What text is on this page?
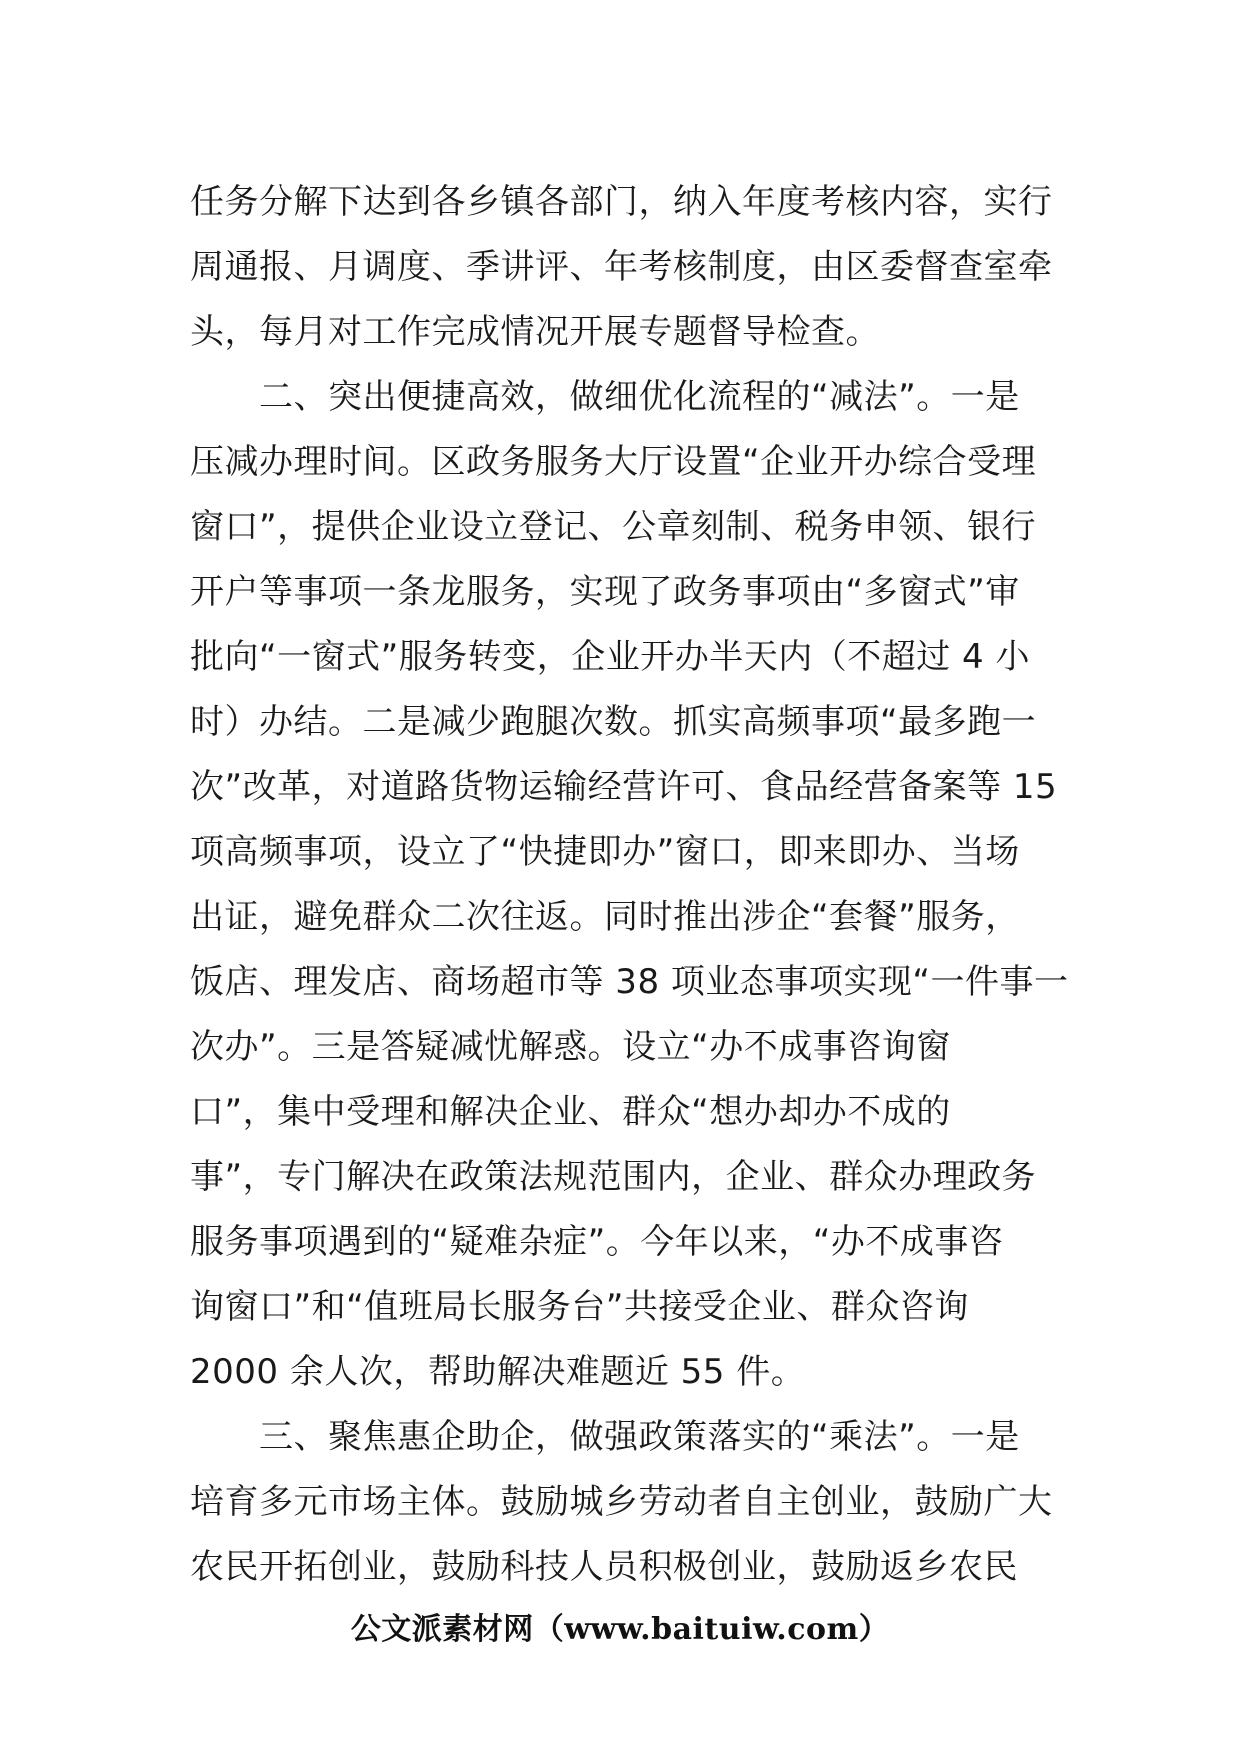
任务分解下达到各乡镇各部门，纳入年度考核内容，实行
周通报、月调度、季讲评、年考核制度，由区委督查室牵
头，每月对工作完成情况开展专题督导检查。
　　二、突出便捷高效，做细优化流程的“减法”。一是
压减办理时间。区政务服务大厅设置“企业开办综合受理
窗口”，提供企业设立登记、公章刻制、税务申领、银行
开户等事项一条龙服务，实现了政务事项由“多窗式”审
批向“一窗式”服务转变，企业开办半天内（不超过 4 小
时）办结。二是减少跑腿次数。抓实高频事项“最多跑一
次”改革，对道路货物运输经营许可、食品经营备案等 15
项高频事项，设立了“快捷即办”窗口，即来即办、当场
出证，避免群众二次往返。同时推出涉企“套餐”服务，
饭店、理发店、商场超市等 38 项业态事项实现“一件事一
次办”。三是答疑减忧解惑。设立“办不成事咨询窗
口”，集中受理和解决企业、群众“想办却办不成的
事”，专门解决在政策法规范围内，企业、群众办理政务
服务事项遇到的“疑难杂症”。今年以来，“办不成事咨
询窗口”和“值班局长服务台”共接受企业、群众咨询
2000 余人次，帮助解决难题近 55 件。
　　三、聚焦惠企助企，做强政策落实的“乘法”。一是
培育多元市场主体。鼓励城乡劳动者自主创业，鼓励广大
农民开拓创业，鼓励科技人员积极创业，鼓励返乡农民
公文派素材网（www.baituiw.com）
